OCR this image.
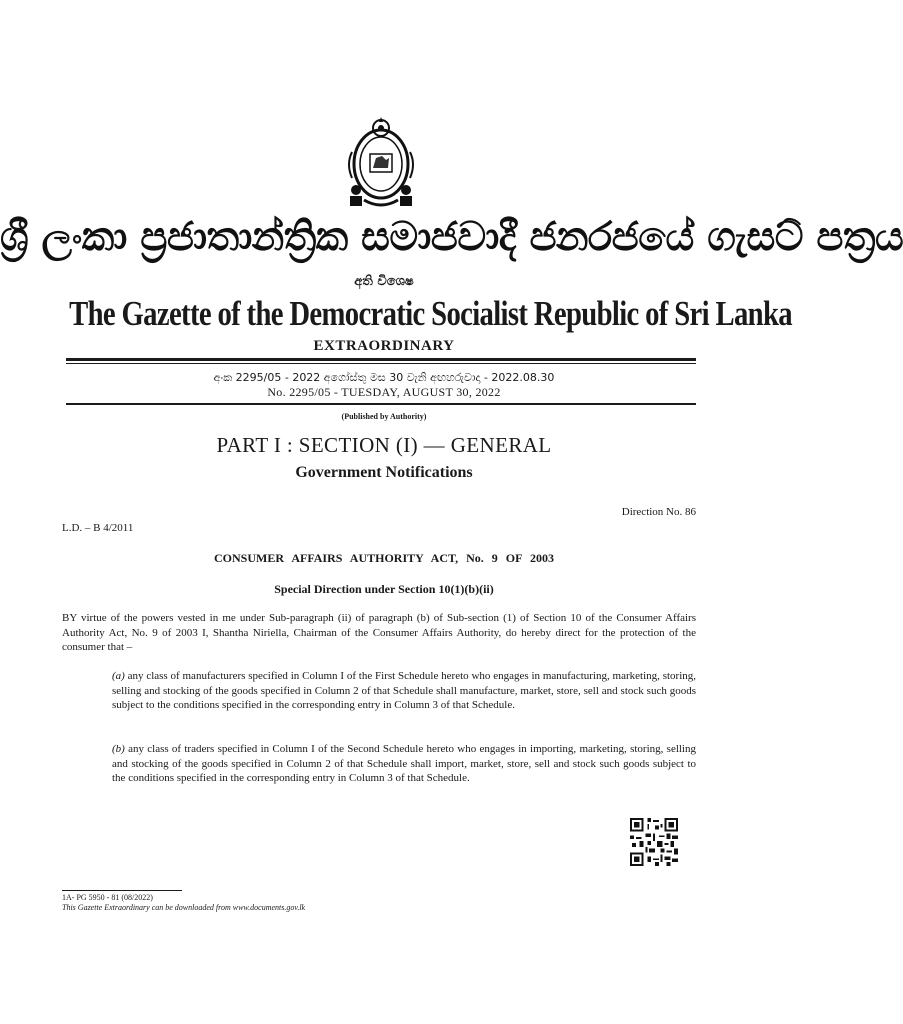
ශ්‍රී ලංකා ප්‍රජාතාන්ත්‍රික සමාජවාදී ජනරජයේ ගැසට් පත්‍රය
අති විශෙෂ
The Gazette of the Democratic Socialist Republic of Sri Lanka
EXTRAORDINARY
අංක 2295/05 - 2022 අගෝස්තු මස 30 වැනි අඟහරුවාදා - 2022.08.30
No. 2295/05 - TUESDAY, AUGUST 30, 2022
(Published by Authority)
PART I : SECTION (I) — GENERAL
Government Notifications
Direction No. 86
L.D. – B 4/2011
CONSUMER AFFAIRS AUTHORITY ACT, No. 9 OF 2003
Special Direction under Section 10(1)(b)(ii)
BY virtue of the powers vested in me under Sub-paragraph (ii) of paragraph (b) of Sub-section (1) of Section 10 of the Consumer Affairs Authority Act, No. 9 of 2003 I, Shantha Niriella, Chairman of the Consumer Affairs Authority, do hereby direct for the protection of the consumer that –
(a) any class of manufacturers specified in Column I of the First Schedule hereto who engages in manufacturing, marketing, storing, selling and stocking of the goods specified in Column 2 of that Schedule shall manufacture, market, store, sell and stock such goods subject to the conditions specified in the corresponding entry in Column 3 of that Schedule.
(b) any class of traders specified in Column I of the Second Schedule hereto who engages in importing, marketing, storing, selling and stocking of the goods specified in Column 2 of that Schedule shall import, market, store, sell and stock such goods subject to the conditions specified in the corresponding entry in Column 3 of that Schedule.
1A- PG 5950 - 81 (08/2022)
This Gazette Extraordinary can be downloaded from www.documents.gov.lk
